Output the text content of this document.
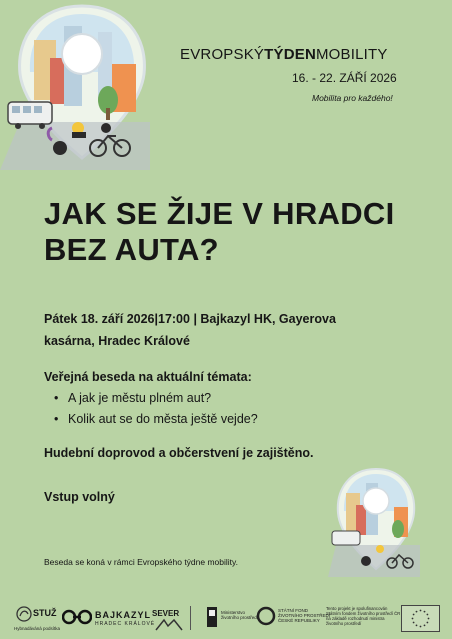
EVROPSKÝTÝDENMOBILITY
16. - 22. ZÁŘÍ 2026
Mobilita pro každého!
JAK SE ŽIJE V HRADCI
BEZ AUTA?
Pátek 18. září 2026|17:00 | Bajkazyl HK, Gayerova
kasárna, Hradec Králové
Veřejná beseda na aktuální témata:
• A jak je městu plném aut?
• Kolik aut se do města ještě vejde?
Hudební doprovod a občerstvení je zajištěno.
Vstup volný
Beseda se koná v rámci Evropského týdne mobility.
STUŽ
Hybnadáváná podsítka
BAJKAZYL
HRADEC KRÁLOVÉ
SEVER	Ministerstvo
životního prostředí
STÁTNÍ FOND
ŽIVOTNÍHO PROSTŘEDÍ
ČESKÉ REPUBLIKY
Tento projekt je spolufinancován
Státním fondem životního prostředí ČR
na základě rozhodnutí ministra
životního prostředí
